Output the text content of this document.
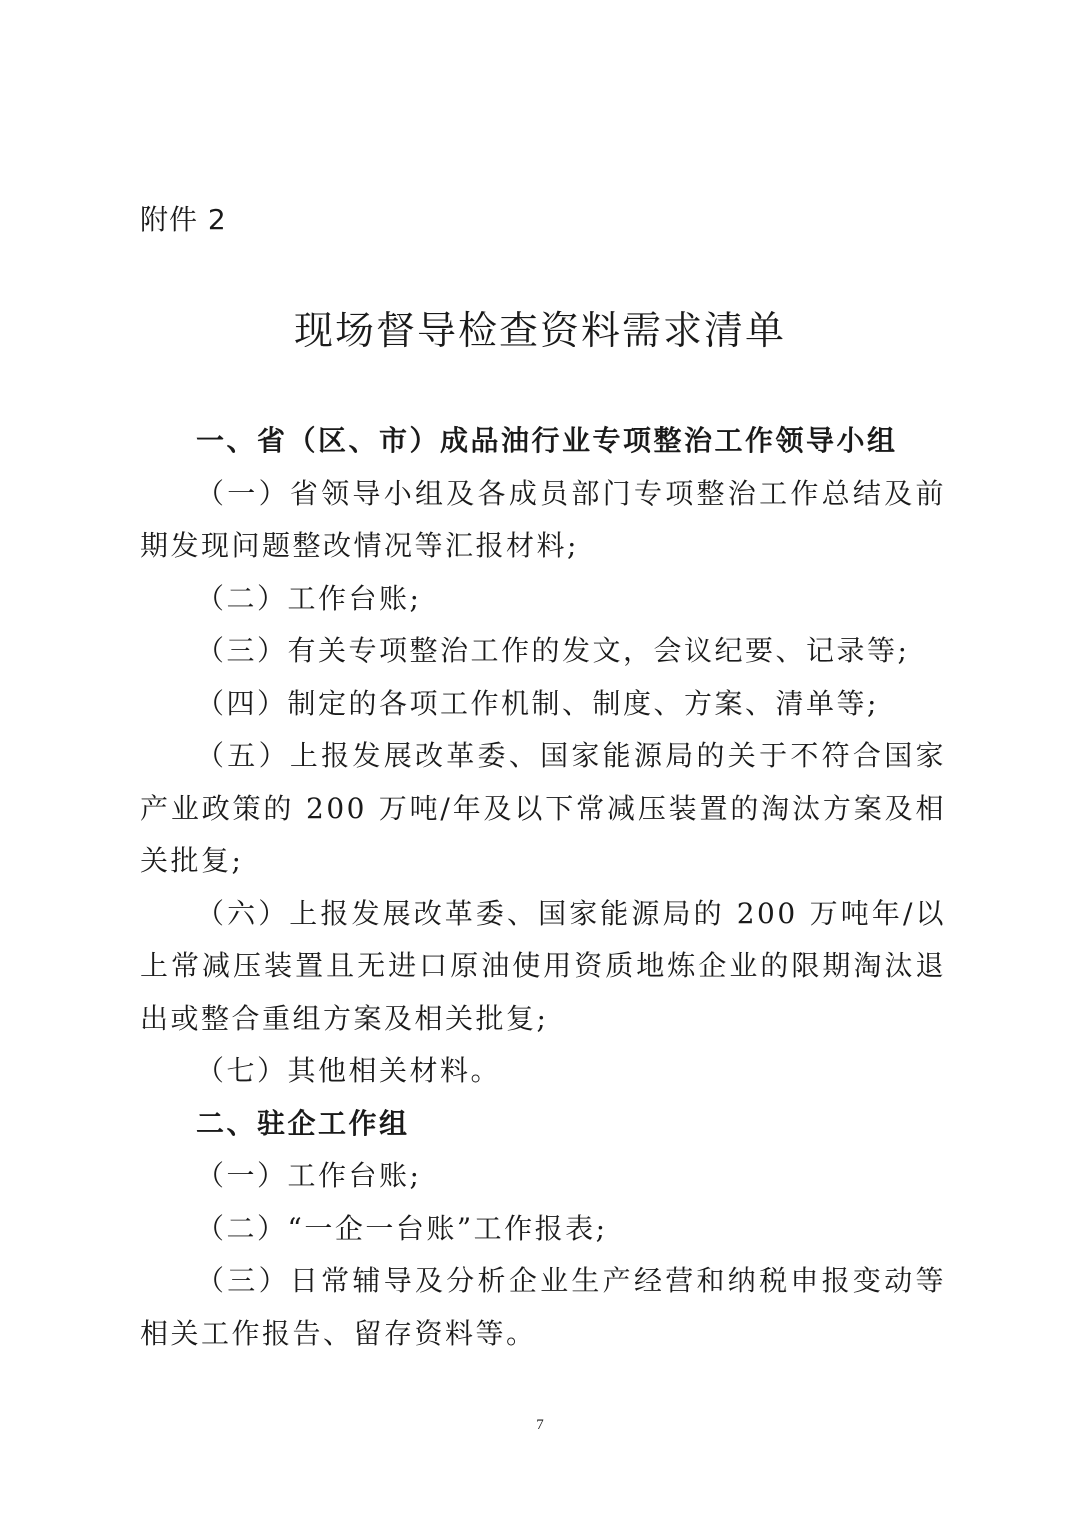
附件 2
现场督导检查资料需求清单

一、省（区、市）成品油行业专项整治工作领导小组

（一）省领导小组及各成员部门专项整治工作总结及前期发现问题整改情况等汇报材料;

（二）工作台账;

（三）有关专项整治工作的发文，会议纪要、记录等;

（四）制定的各项工作机制、制度、方案、清单等;

（五）上报发展改革委、国家能源局的关于不符合国家产业政策的 200 万吨/年及以下常减压装置的淘汰方案及相关批复;

（六）上报发展改革委、国家能源局的 200 万吨年/以上常减压装置且无进口原油使用资质地炼企业的限期淘汰退出或整合重组方案及相关批复;

（七）其他相关材料。

二、驻企工作组

（一）工作台账;

（二）“一企一台账”工作报表;

（三）日常辅导及分析企业生产经营和纳税申报变动等相关工作报告、留存资料等。

7
